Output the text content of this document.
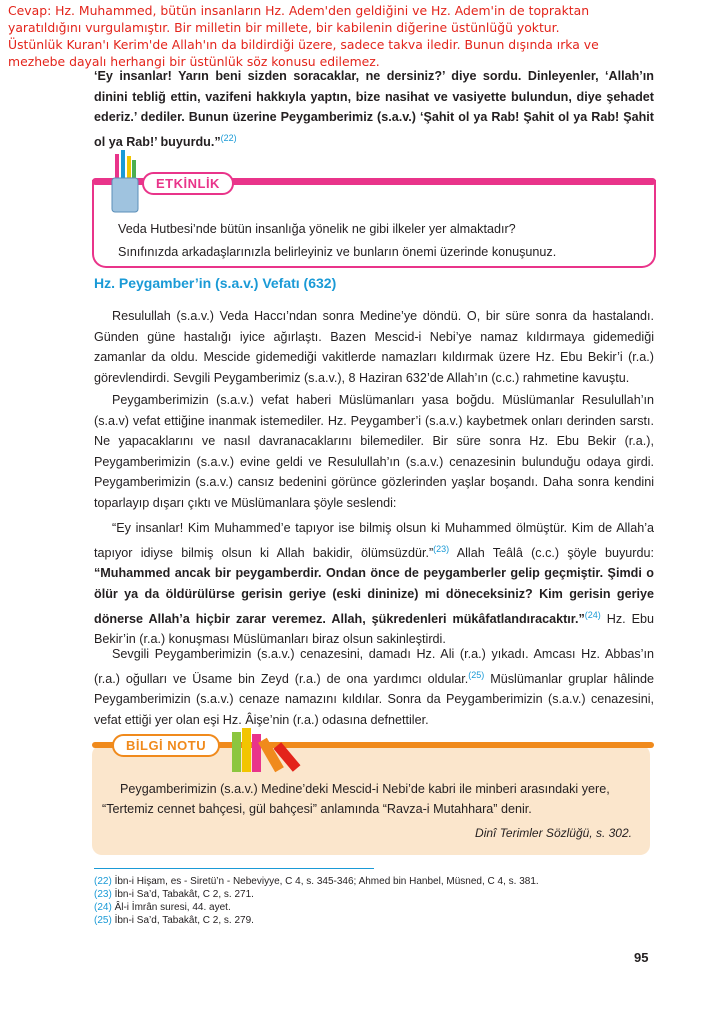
Cevap: Hz. Muhammed, bütün insanların Hz. Adem'den geldiğini ve Hz. Adem'in de topraktan yaratıldığını vurgulamıştır. Bir milletin bir millete, bir kabilenin diğerine üstünlüğü yoktur. Üstünlük Kuran'ı Kerim'de Allah'ın da bildirdiği üzere, sadece takva iledir. Bunun dışında ırka ve mezhebe dayalı herhangi bir üstünlük söz konusu edilemez.

‘Ey insanlar! Yarın beni sizden soracaklar, ne dersiniz?’ diye sordu. Dinleyenler, ‘Allah’ın dinini tebliğ ettin, vazifeni hakkıyla yaptın, bize nasihat ve vasiyette bulundun, diye şehadet ederiz.’ dediler. Bunun üzerine Peygamberimiz (s.a.v.) ‘Şahit ol ya Rab! Şahit ol ya Rab! Şahit ol ya Rab!’ buyurdu.”$^{(22)}$

ETKİNLİK

Veda Hutbesi’nde bütün insanlığa yönelik ne gibi ilkeler yer almaktadır?

Sınıfınızda arkadaşlarınızla belirleyiniz ve bunların önemi üzerinde konuşunuz.

Hz. Peygamber’in (s.a.v.) Vefatı (632)

Resulullah (s.a.v.) Veda Haccı’ndan sonra Medine’ye döndü. O, bir süre sonra da hastalandı. Günden güne hastalığı iyice ağırlaştı. Bazen Mescid-i Nebi’ye namaz kıldırmaya gidemediği zamanlar da oldu. Mescide gidemediği vakitlerde namazları kıldırmak üzere Hz. Ebu Bekir’i (r.a.) görevlendirdi. Sevgili Peygamberimiz (s.a.v.), 8 Haziran 632’de Allah’ın (c.c.) rahmetine kavuştu.

Peygamberimizin (s.a.v.) vefat haberi Müslümanları yasa boğdu. Müslümanlar Resulullah’ın (s.a.v) vefat ettiğine inanmak istemediler. Hz. Peygamber’i (s.a.v.) kaybetmek onları derinden sarstı. Ne yapacaklarını ve nasıl davranacaklarını bilemediler. Bir süre sonra Hz. Ebu Bekir (r.a.), Peygamberimizin (s.a.v.) evine geldi ve Resulullah’ın (s.a.v.) cenazesinin bulunduğu odaya girdi. Peygamberimizin (s.a.v.) cansız bedenini görünce gözlerinden yaşlar boşandı. Daha sonra kendini toparlayıp dışarı çıktı ve Müslümanlara şöyle seslendi:

“Ey insanlar! Kim Muhammed’e tapıyor ise bilmiş olsun ki Muhammed ölmüştür. Kim de Allah’a tapıyor idiyse bilmiş olsun ki Allah bakidir, ölümsüzdür.”$^{(23)}$ Allah Teâlâ (c.c.) şöyle buyurdu: “Muhammed ancak bir peygamberdir. Ondan önce de peygamberler gelip geçmiştir. Şimdi o ölür ya da öldürülürse gerisin geriye (eski dininize) mi döneceksiniz? Kim gerisin geriye dönerse Allah’a hiçbir zarar veremez. Allah, şükredenleri mükâfatlandıracaktır.”$^{(24)}$ Hz. Ebu Bekir’in (r.a.) konuşması Müslümanları biraz olsun sakinleştirdi.

Sevgili Peygamberimizin (s.a.v.) cenazesini, damadı Hz. Ali (r.a.) yıkadı. Amcası Hz. Abbas’ın (r.a.) oğulları ve Üsame bin Zeyd (r.a.) de ona yardımcı oldular.$^{(25)}$ Müslümanlar gruplar hâlinde Peygamberimizin (s.a.v.) cenaze namazını kıldılar. Sonra da Peygamberimizin (s.a.v.) cenazesini, vefat ettiği yer olan eşi Hz. Âişe’nin (r.a.) odasına defnettiler.

BİLGİ NOTU

Peygamberimizin (s.a.v.) Medine’deki Mescid-i Nebi’de kabri ile minberi arasındaki yere,

“Tertemiz cennet bahçesi, gül bahçesi” anlamında “Ravza-i Mutahhara” denir.

Dinî Terimler Sözlüğü, s. 302.

(22) İbn-i Hişam, es - Siretü’n - Nebeviyye, C 4, s. 345-346; Ahmed bin Hanbel, Müsned, C 4, s. 381.

(23) İbn-i Sa’d, Tabakât, C 2, s. 271.

(24) Âl-i İmrân suresi, 44. ayet.

(25) İbn-i Sa’d, Tabakât, C 2, s. 279.

95
